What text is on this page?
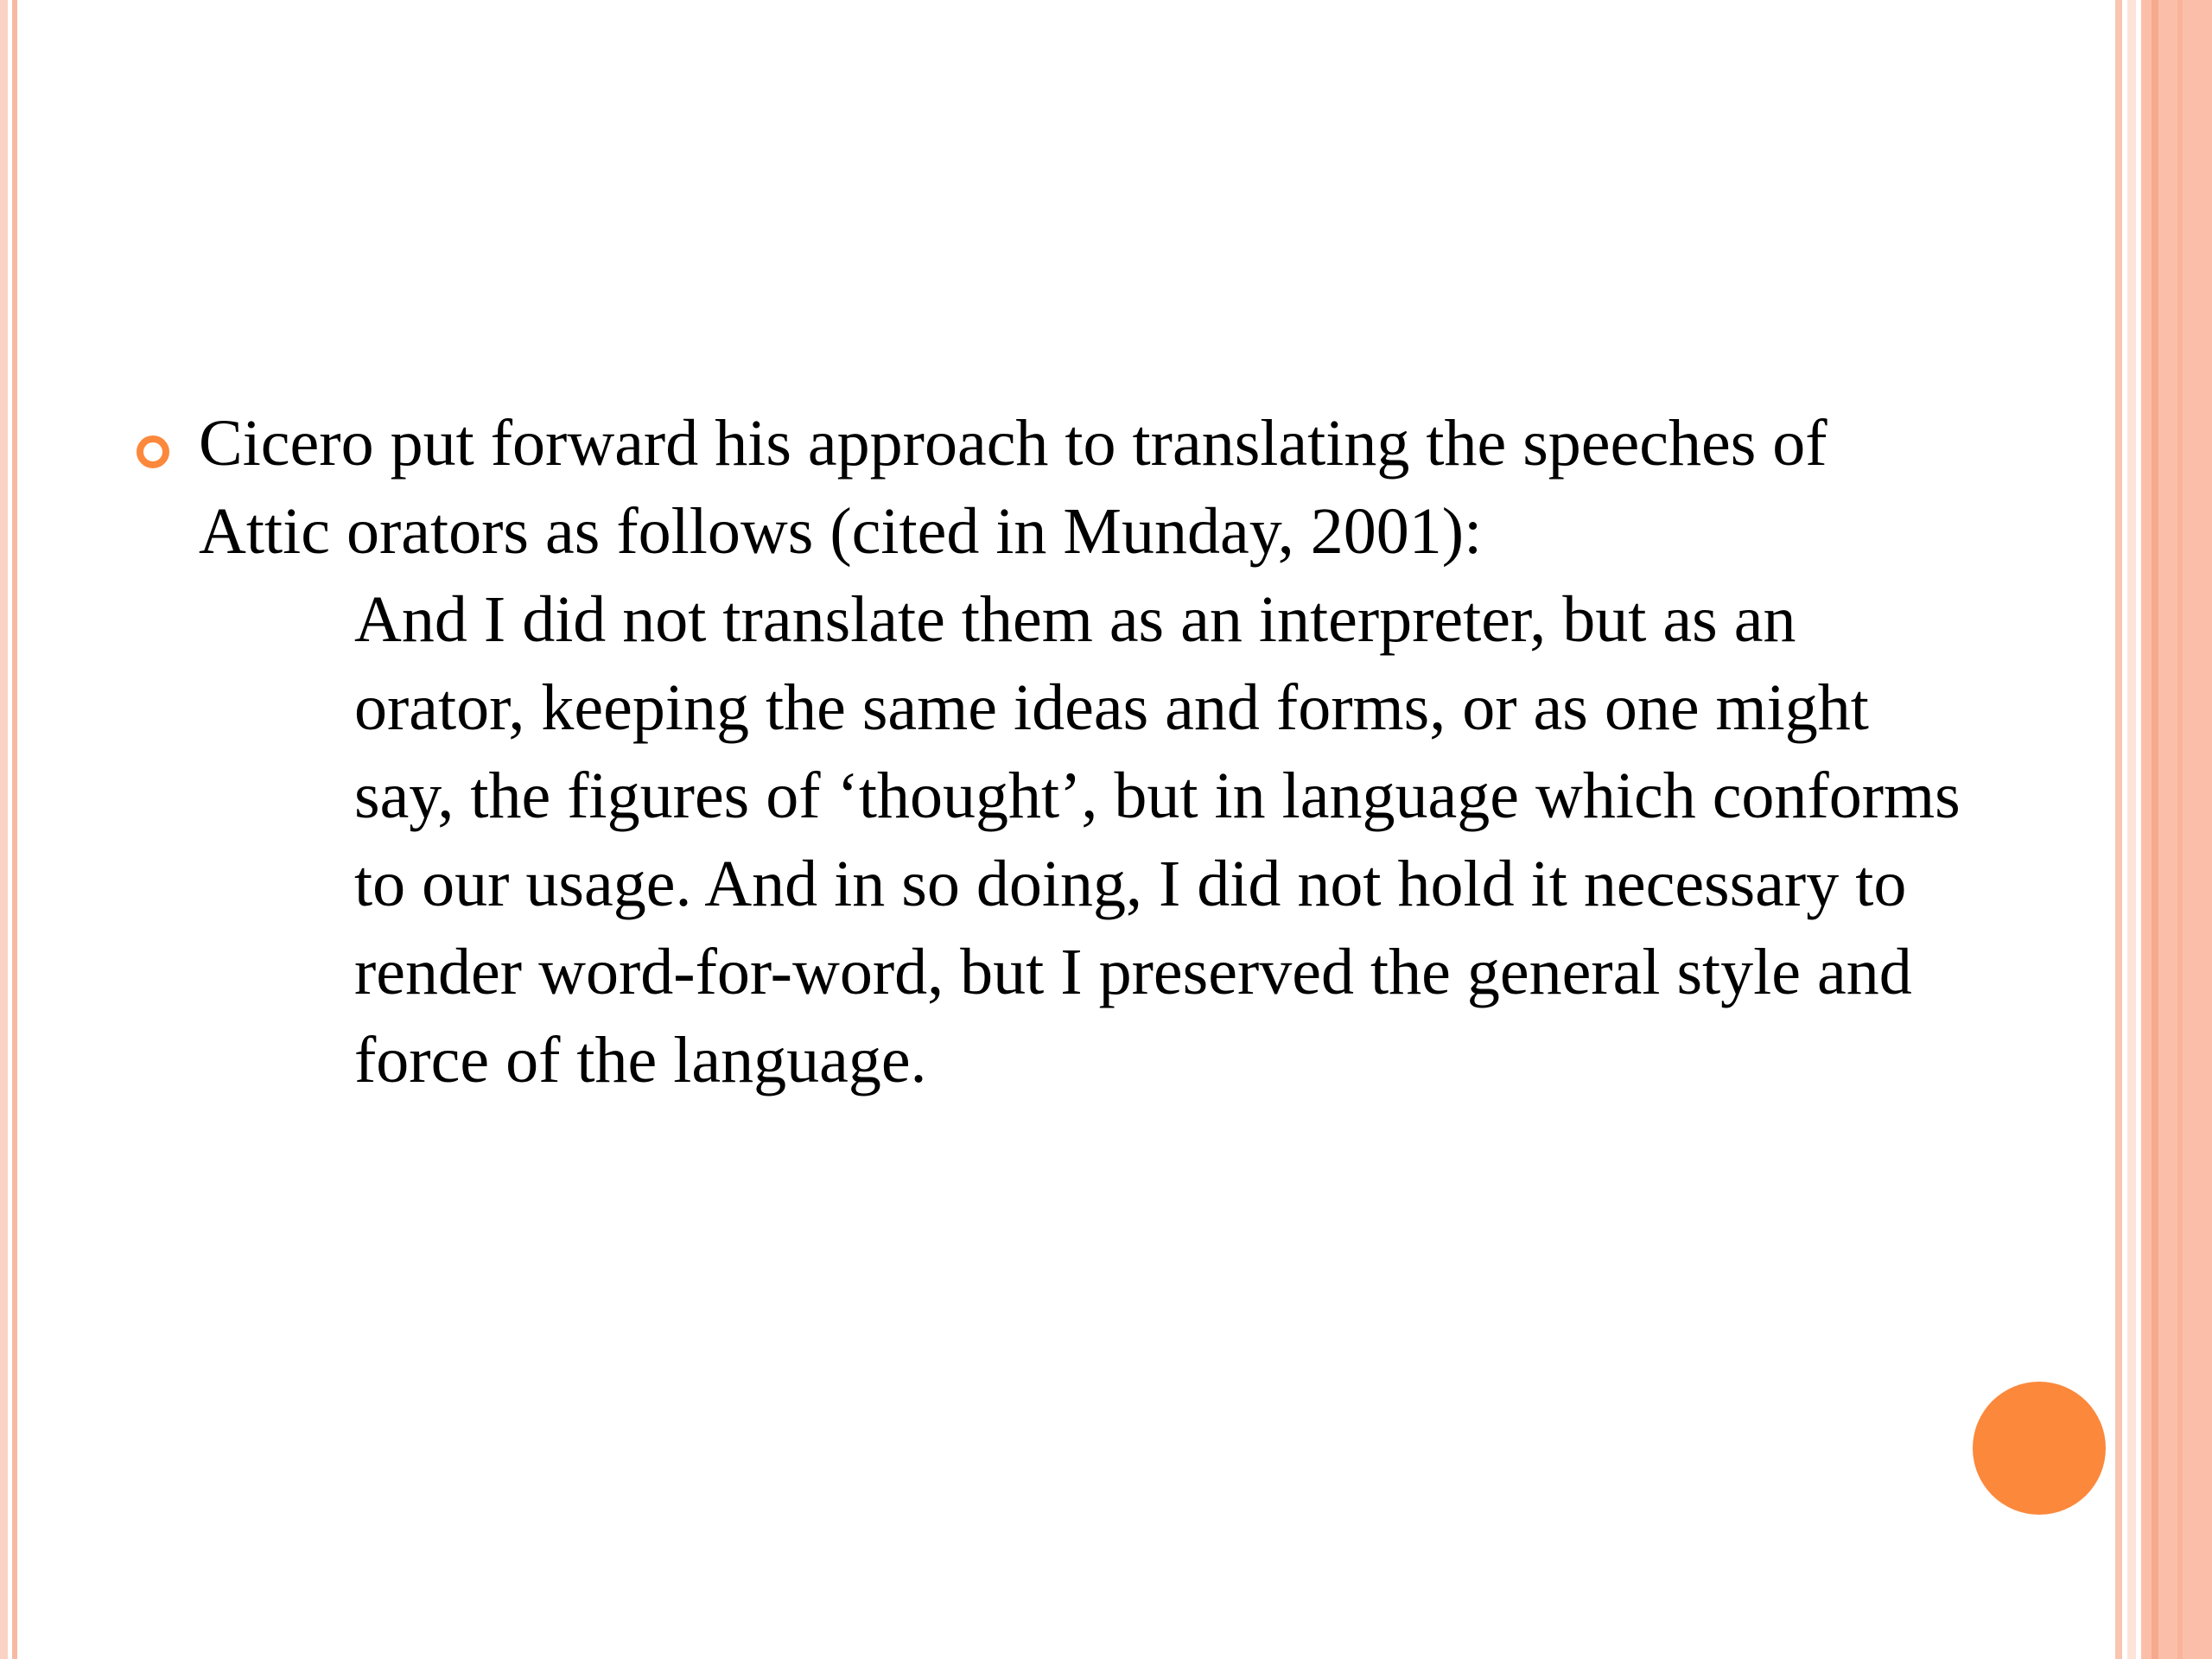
Cicero put forward his approach to translating the speeches of Attic orators as follows (cited in Munday, 2001):
And I did not translate them as an interpreter, but as an orator, keeping the same ideas and forms, or as one might say, the figures of ‘thought’, but in language which conforms to our usage. And in so doing, I did not hold it necessary to render word-for-word, but I preserved the general style and force of the language.
